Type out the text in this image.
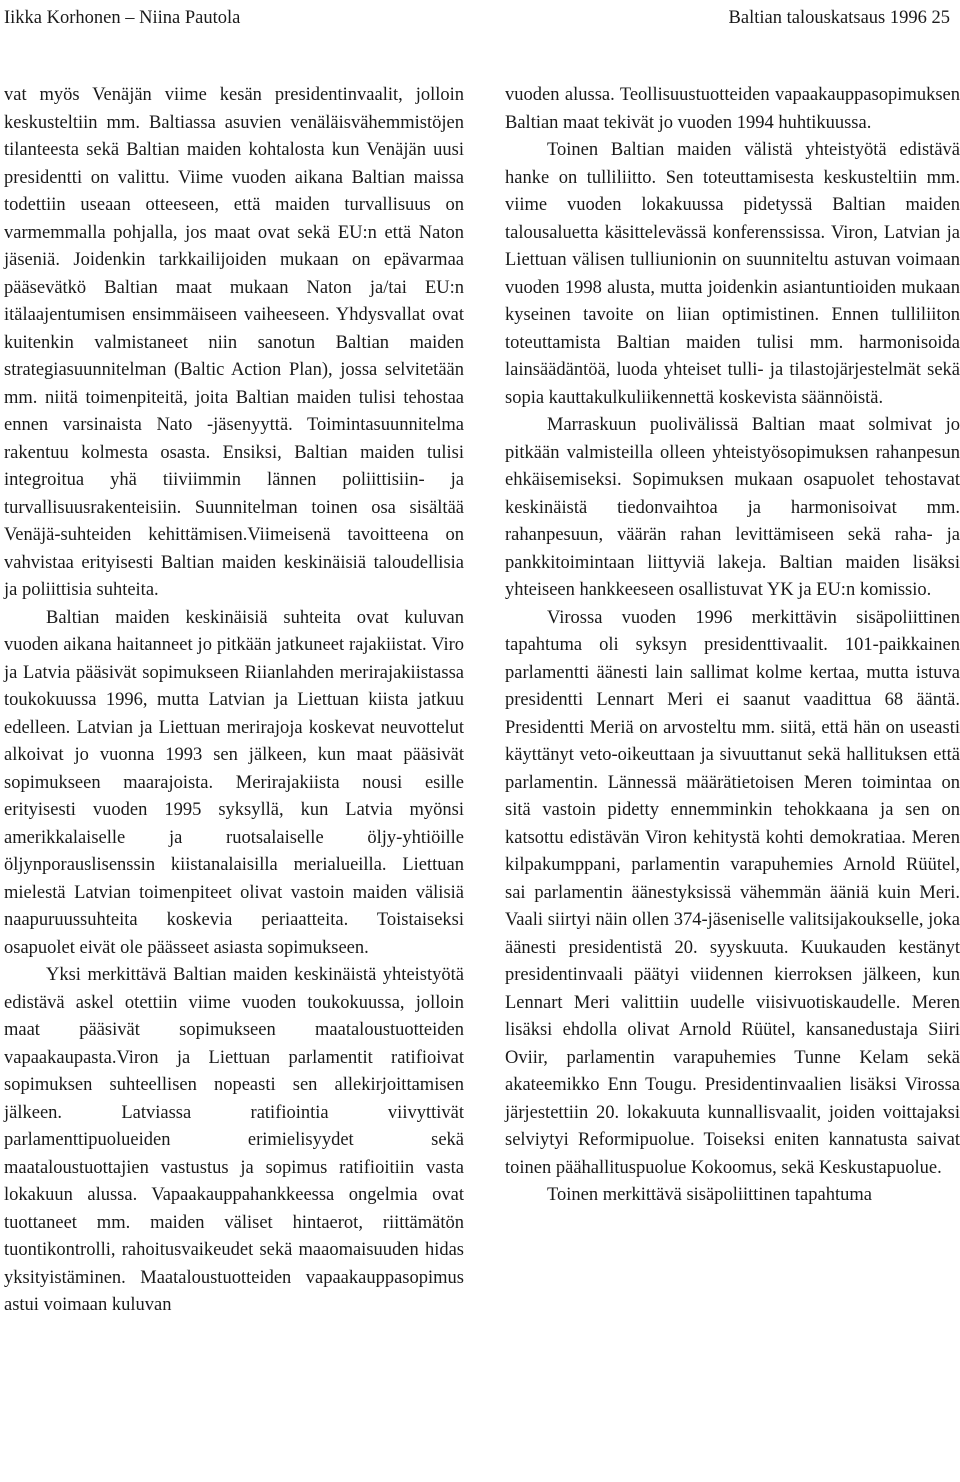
Iikka Korhonen – Niina Pautola	Baltian talouskatsaus 1996 25

vat myös Venäjän viime kesän presidentinvaalit, jolloin keskusteltiin mm. Baltiassa asuvien venäläisvähemmistöjen tilanteesta sekä Baltian maiden kohtalosta kun Venäjän uusi presidentti on valittu. Viime vuoden aikana Baltian maissa todettiin useaan otteeseen, että maiden turvallisuus on varmemmalla pohjalla, jos maat ovat sekä EU:n että Naton jäseniä. Joidenkin tarkkailijoiden mukaan on epävarmaa pääsevätkö Baltian maat mukaan Naton ja/tai EU:n itälaajentumisen ensimmäiseen vaiheeseen. Yhdysvallat ovat kuitenkin valmistaneet niin sanotun Baltian maiden strategiasuunnitelman (Baltic Action Plan), jossa selvitetään mm. niitä toimenpiteitä, joita Baltian maiden tulisi tehostaa ennen varsinaista Nato -jäsenyyttä. Toimintasuunnitelma rakentuu kolmesta osasta. Ensiksi, Baltian maiden tulisi integroitua yhä tiiviimmin lännen poliittisiin- ja turvallisuusrakenteisiin. Suunnitelman toinen osa sisältää Venäjä-suhteiden kehittämisen.Viimeisenä tavoitteena on vahvistaa erityisesti Baltian maiden keskinäisiä taloudellisia ja poliittisia suhteita.

Baltian maiden keskinäisiä suhteita ovat kuluvan vuoden aikana haitanneet jo pitkään jatkuneet rajakiistat. Viro ja Latvia pääsivät sopimukseen Riianlahden merirajakiistassa toukokuussa 1996, mutta Latvian ja Liettuan kiista jatkuu edelleen. Latvian ja Liettuan merirajoja koskevat neuvottelut alkoivat jo vuonna 1993 sen jälkeen, kun maat pääsivät sopimukseen maarajoista. Merirajakiista nousi esille erityisesti vuoden 1995 syksyllä, kun Latvia myönsi amerikkalaiselle ja ruotsalaiselle öljy-yhtiöille öljynporauslisenssin kiistanalaisilla merialueilla. Liettuan mielestä Latvian toimenpiteet olivat vastoin maiden välisiä naapuruussuhteita koskevia periaatteita. Toistaiseksi osapuolet eivät ole päässeet asiasta sopimukseen.

Yksi merkittävä Baltian maiden keskinäistä yhteistyötä edistävä askel otettiin viime vuoden toukokuussa, jolloin maat pääsivät sopimukseen maataloustuotteiden vapaakaupasta.Viron ja Liettuan parlamentit ratifioivat sopimuksen suhteellisen nopeasti sen allekirjoittamisen jälkeen. Latviassa ratifiointia viivyttivät parlamenttipuolueiden erimielisyydet sekä maataloustuottajien vastustus ja sopimus ratifioitiin vasta lokakuun alussa. Vapaakauppahankkeessa ongelmia ovat tuottaneet mm. maiden väliset hintaerot, riittämätön tuontikontrolli, rahoitusvaikeudet sekä maaomaisuuden hidas yksityistäminen. Maataloustuotteiden vapaakauppasopimus astui voimaan kuluvan

vuoden alussa. Teollisuustuotteiden vapaakauppasopimuksen Baltian maat tekivät jo vuoden 1994 huhtikuussa.

Toinen Baltian maiden välistä yhteistyötä edistävä hanke on tulliliitto. Sen toteuttamisesta keskusteltiin mm. viime vuoden lokakuussa pidetyssä Baltian maiden talousaluetta käsittelevässä konferenssissa. Viron, Latvian ja Liettuan välisen tulliunionin on suunniteltu astuvan voimaan vuoden 1998 alusta, mutta joidenkin asiantuntioiden mukaan kyseinen tavoite on liian optimistinen. Ennen tulliliiton toteuttamista Baltian maiden tulisi mm. harmonisoida lainsäädäntöä, luoda yhteiset tulli- ja tilastojärjestelmät sekä sopia kauttakulkuliikennettä koskevista säännöistä.

Marraskuun puolivälissä Baltian maat solmivat jo pitkään valmisteilla olleen yhteistyösopimuksen rahanpesun ehkäisemiseksi. Sopimuksen mukaan osapuolet tehostavat keskinäistä tiedonvaihtoa ja harmonisoivat mm. rahanpesuun, väärän rahan levittämiseen sekä raha- ja pankkitoimintaan liittyviä lakeja. Baltian maiden lisäksi yhteiseen hankkeeseen osallistuvat YK ja EU:n komissio.

Virossa vuoden 1996 merkittävin sisäpoliittinen tapahtuma oli syksyn presidenttivaalit. 101-paikkainen parlamentti äänesti lain sallimat kolme kertaa, mutta istuva presidentti Lennart Meri ei saanut vaadittua 68 ääntä. Presidentti Meriä on arvosteltu mm. siitä, että hän on useasti käyttänyt veto-oikeuttaan ja sivuuttanut sekä hallituksen että parlamentin. Lännessä määrätietoisen Meren toimintaa on sitä vastoin pidetty ennemminkin tehokkaana ja sen on katsottu edistävän Viron kehitystä kohti demokratiaa. Meren kilpakumppani, parlamentin varapuhemies Arnold Rüütel, sai parlamentin äänestyksissä vähemmän ääniä kuin Meri. Vaali siirtyi näin ollen 374-jäseniselle valitsijakoukselle, joka äänesti presidentistä 20. syyskuuta. Kuukauden kestänyt presidentinvaali päätyi viidennen kierroksen jälkeen, kun Lennart Meri valittiin uudelle viisivuotiskaudelle. Meren lisäksi ehdolla olivat Arnold Rüütel, kansanedustaja Siiri Oviir, parlamentin varapuhemies Tunne Kelam sekä akateemikko Enn Tougu. Presidentinvaalien lisäksi Virossa järjestettiin 20. lokakuuta kunnallisvaalit, joiden voittajaksi selviytyi Reformipuolue. Toiseksi eniten kannatusta saivat toinen päähallituspuolue Kokoomus, sekä Keskustapuolue.

Toinen merkittävä sisäpoliittinen tapahtuma
